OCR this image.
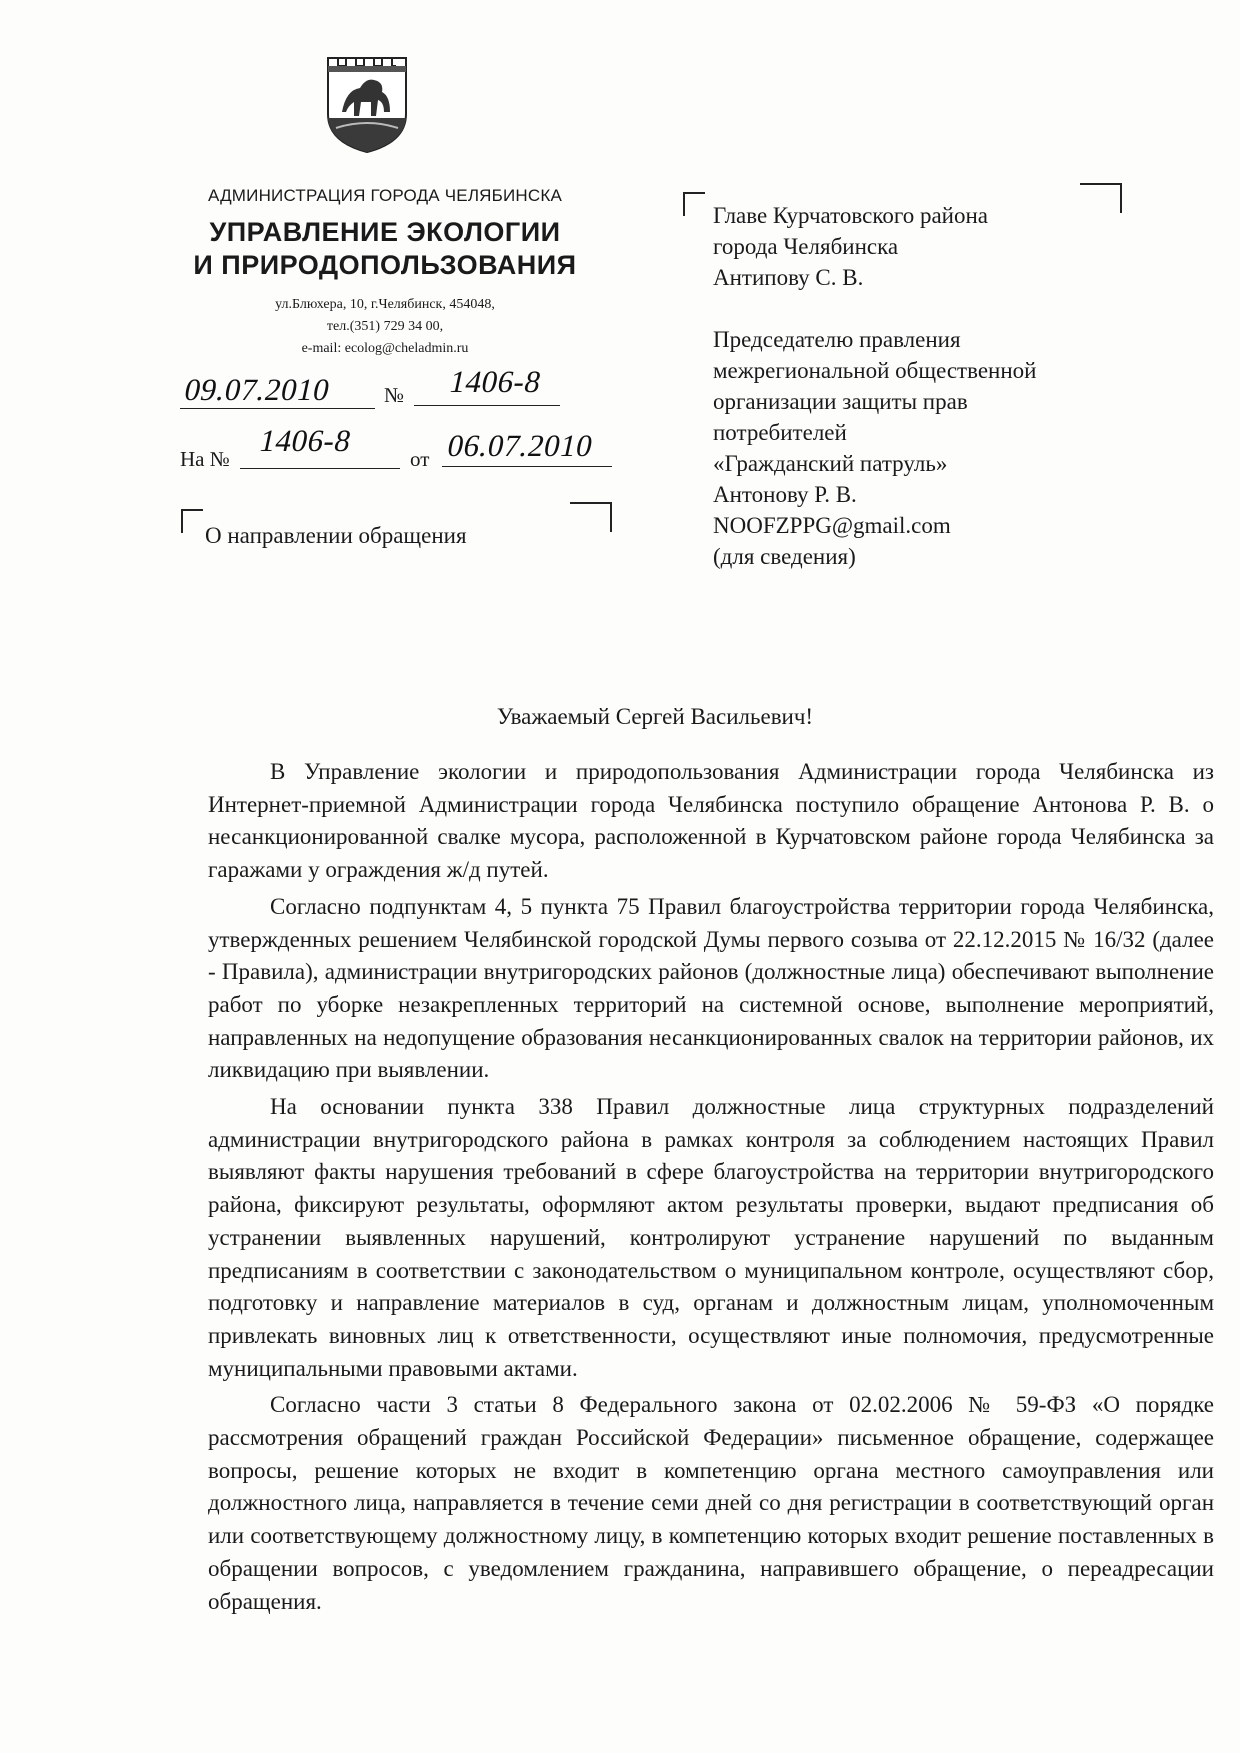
АДМИНИСТРАЦИЯ ГОРОДА ЧЕЛЯБИНСКА
УПРАВЛЕНИЕ ЭКОЛОГИИ
И ПРИРОДОПОЛЬЗОВАНИЯ
ул.Блюхера, 10, г.Челябинск, 454048,
тел.(351) 729 34 00,
e-mail: ecolog@cheladmin.ru
09.07.2010 № 1406-8
На №
1406-8
от 06.07.2010
Главе Курчатовского района
города Челябинска
Антипову С. В.
Председателю правления
межрегиональной общественной
организации защиты прав
потребителей
«Гражданский патруль»
Антонову Р. В.
NOOFZPPG@gmail.com
(для сведения)
О направлении обращения
Уважаемый Сергей Васильевич!

В Управление экологии и природопользования Администрации города Челябинска из Интернет-приемной Администрации города Челябинска поступило обращение Антонова Р. В. о несанкционированной свалке мусора, расположенной в Курчатовском районе города Челябинска за гаражами у ограждения ж/д путей.

Согласно подпунктам 4, 5 пункта 75 Правил благоустройства территории города Челябинска, утвержденных решением Челябинской городской Думы первого созыва от 22.12.2015 № 16/32 (далее - Правила), администрации внутригородских районов (должностные лица) обеспечивают выполнение работ по уборке незакрепленных территорий на системной основе, выполнение мероприятий, направленных на недопущение образования несанкционированных свалок на территории районов, их ликвидацию при выявлении.

На основании пункта 338 Правил должностные лица структурных подразделений администрации внутригородского района в рамках контроля за соблюдением настоящих Правил выявляют факты нарушения требований в сфере благоустройства на территории внутригородского района, фиксируют результаты, оформляют актом результаты проверки, выдают предписания об устранении выявленных нарушений, контролируют устранение нарушений по выданным предписаниям в соответствии с законодательством о муниципальном контроле, осуществляют сбор, подготовку и направление материалов в суд, органам и должностным лицам, уполномоченным привлекать виновных лиц к ответственности, осуществляют иные полномочия, предусмотренные муниципальными правовыми актами.

Согласно части 3 статьи 8 Федерального закона от 02.02.2006 № 59-ФЗ «О порядке рассмотрения обращений граждан Российской Федерации» письменное обращение, содержащее вопросы, решение которых не входит в компетенцию органа местного самоуправления или должностного лица, направляется в течение семи дней со дня регистрации в соответствующий орган или соответствующему должностному лицу, в компетенцию которых входит решение поставленных в обращении вопросов, с уведомлением гражданина, направившего обращение, о переадресации обращения.
